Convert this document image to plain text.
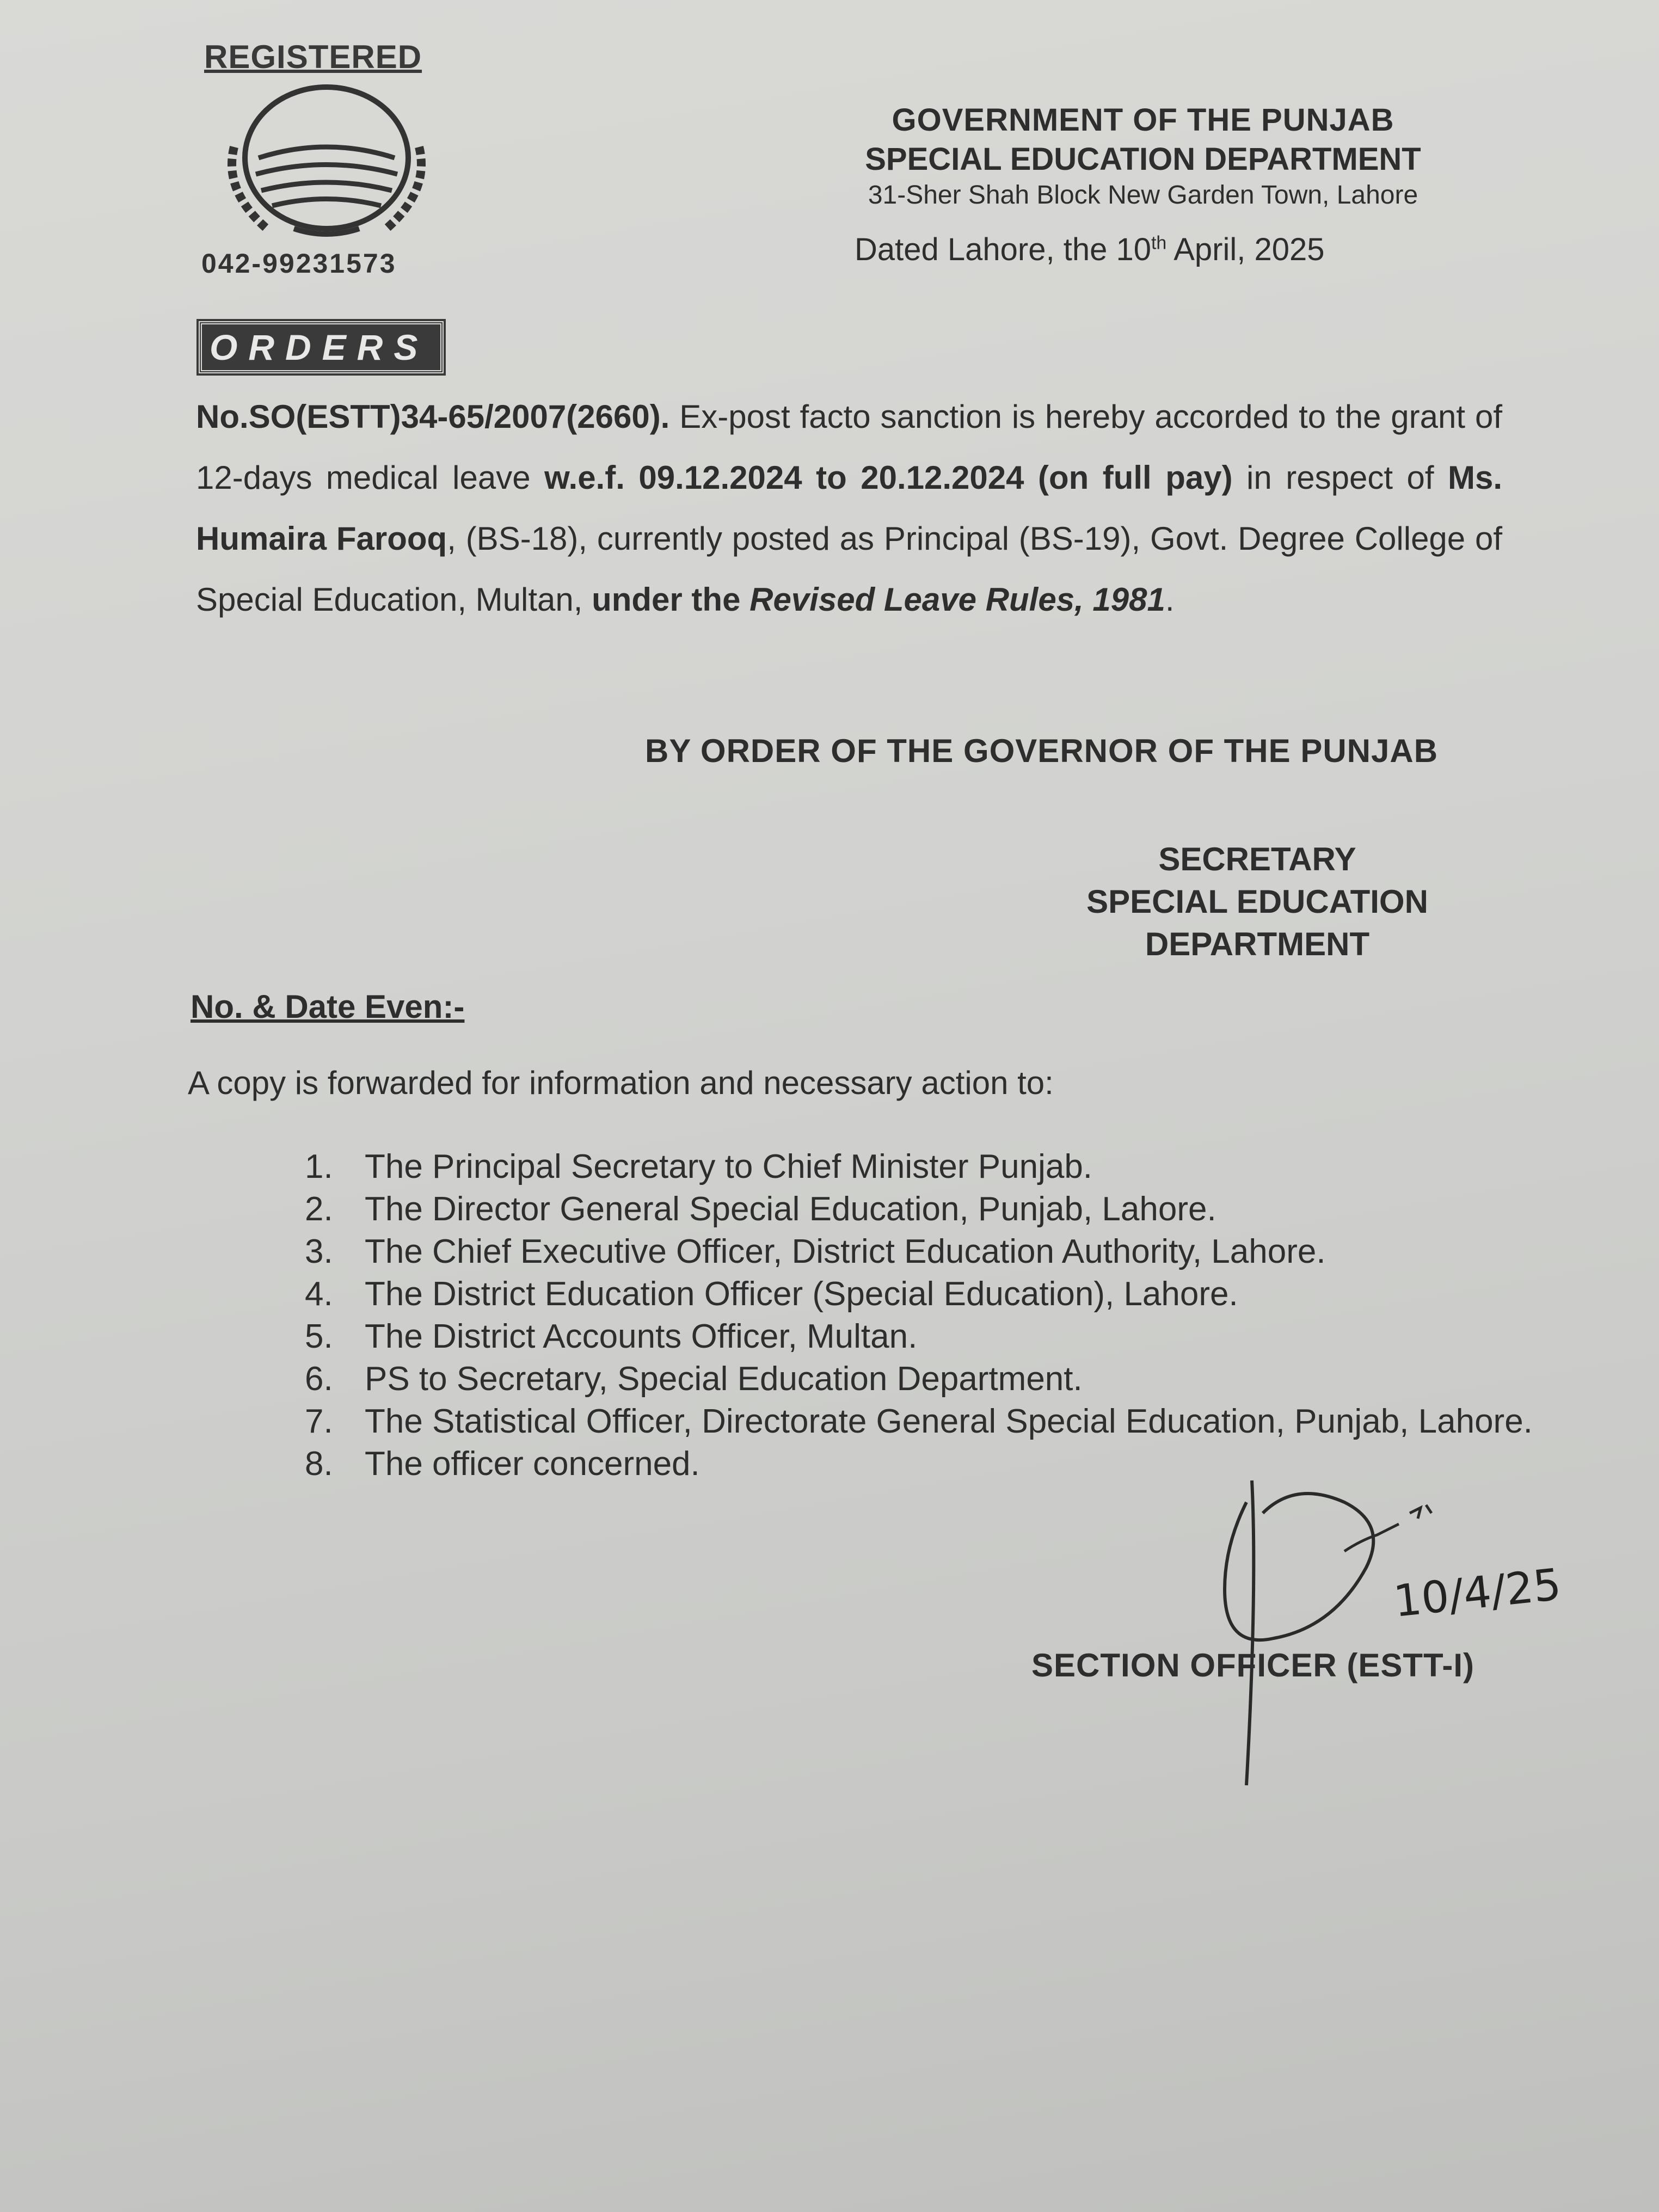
REGISTERED
042-99231573
GOVERNMENT OF THE PUNJAB
SPECIAL EDUCATION DEPARTMENT
31-Sher Shah Block New Garden Town, Lahore
Dated Lahore, the 10th April, 2025
ORDERS
No.SO(ESTT)34-65/2007(2660). Ex-post facto sanction is hereby accorded to the grant of 12-days medical leave w.e.f. 09.12.2024 to 20.12.2024 (on full pay) in respect of Ms. Humaira Farooq, (BS-18), currently posted as Principal (BS-19), Govt. Degree College of Special Education, Multan, under the Revised Leave Rules, 1981.
BY ORDER OF THE GOVERNOR OF THE PUNJAB
SECRETARY
SPECIAL EDUCATION
DEPARTMENT
No. & Date Even:-
A copy is forwarded for information and necessary action to:
1. The Principal Secretary to Chief Minister Punjab.
2. The Director General Special Education, Punjab, Lahore.
3. The Chief Executive Officer, District Education Authority, Lahore.
4. The District Education Officer (Special Education), Lahore.
5. The District Accounts Officer, Multan.
6. PS to Secretary, Special Education Department.
7. The Statistical Officer, Directorate General Special Education, Punjab, Lahore.
8. The officer concerned.
10/4/25
SECTION OFFICER (ESTT-I)
